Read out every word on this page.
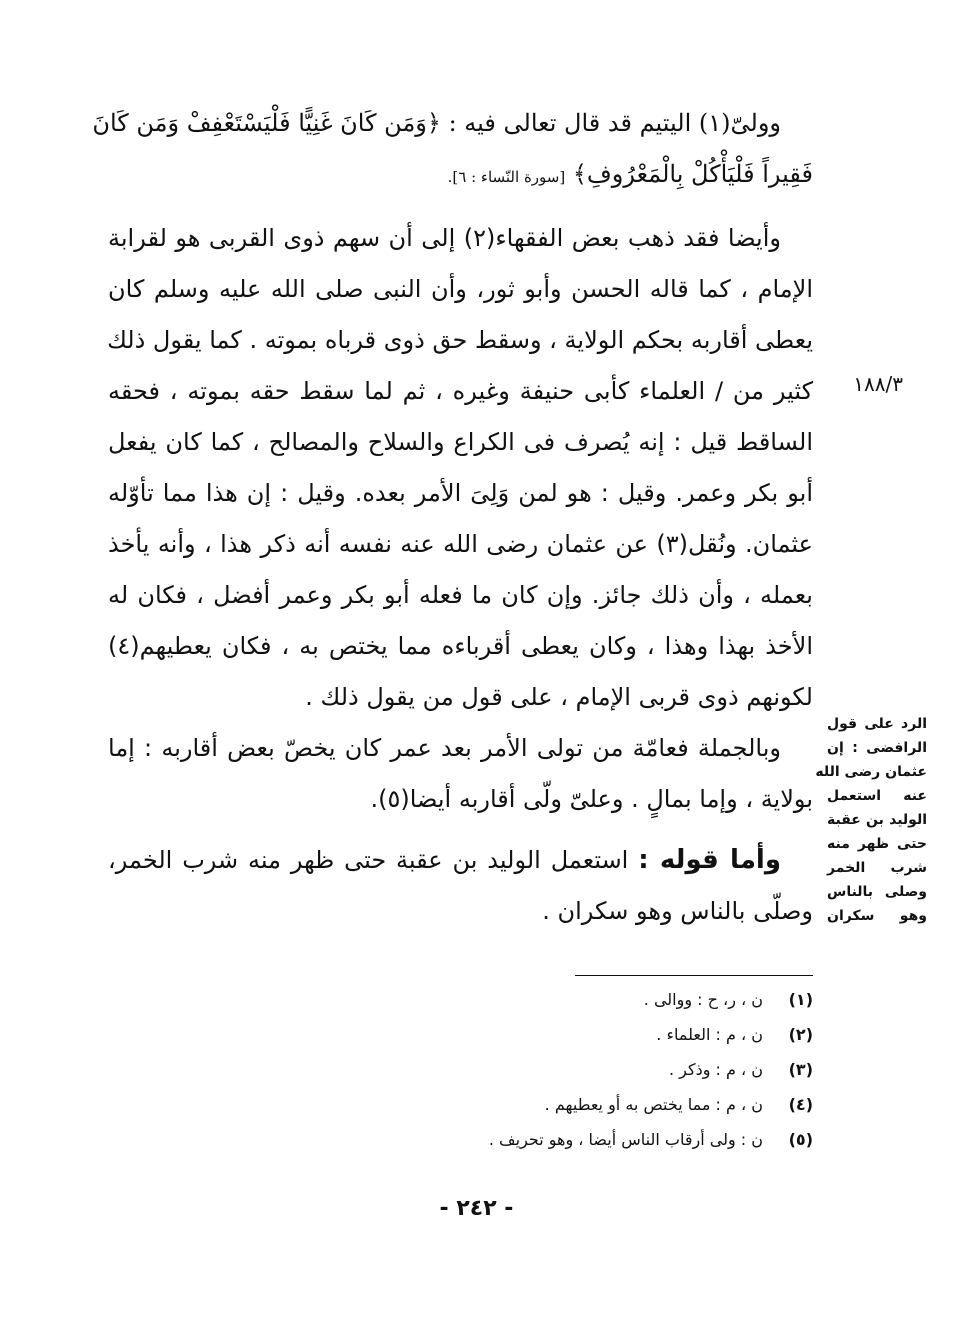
وولىّ(١) اليتيم قد قال تعالى فيه : ﴿وَمَن كَانَ غَنِيًّا فَلْيَسْتَعْفِفْ وَمَن كَانَ
فَقِيراً فَلْيَأْكُلْ بِالْمَعْرُوفِ﴾ [سورة النّساء : ٦].

وأيضا فقد ذهب بعض الفقهاء(٢) إلى أن سهم ذوى القربى هو لقرابة
الإمام ، كما قاله الحسن وأبو ثور، وأن النبى صلى الله عليه وسلم كان
يعطى أقاربه بحكم الولاية ، وسقط حق ذوى قرباه بموته . كما يقول ذلك
كثير من / العلماء كأبى حنيفة وغيره ، ثم لما سقط حقه بموته ، فحقه
الساقط قيل : إنه يُصرف فى الكراع والسلاح والمصالح ، كما كان يفعل
أبو بكر وعمر. وقيل : هو لمن وَلِىَ الأمر بعده. وقيل : إن هذا مما تأوّله
عثمان. ونُقل(٣) عن عثمان رضى الله عنه نفسه أنه ذكر هذا ، وأنه يأخذ
بعمله ، وأن ذلك جائز. وإن كان ما فعله أبو بكر وعمر أفضل ، فكان له
الأخذ بهذا وهذا ، وكان يعطى أقرباءه مما يختص به ، فكان يعطيهم(٤)
لكونهم ذوى قربى الإمام ، على قول من يقول ذلك .

وبالجملة فعامّة من تولى الأمر بعد عمر كان يخصّ بعض أقاربه : إما
بولاية ، وإما بمالٍ . وعلىّ ولّى أقاربه أيضا(٥).

وأما قوله : استعمل الوليد بن عقبة حتى ظهر منه شرب الخمر،
وصلّى بالناس وهو سكران .

١٨٨/٣
الرد على قول
الرافضى : إن
عثمان رضى الله
عنه استعمل
الوليد بن عقبة
حتى ظهر منه
شرب الخمر
وصلى بالناس
وهو سكران
(١)
ن ، ر، ح : ووالى .
(٢)
ن ، م : العلماء .
(٣)
ن ، م : وذكر .
(٤)
ن ، م : مما يختص به أو يعطيهم .
(٥)
ن : ولى أرقاب الناس أيضا ، وهو تحريف .
- ٢٤٢ -
